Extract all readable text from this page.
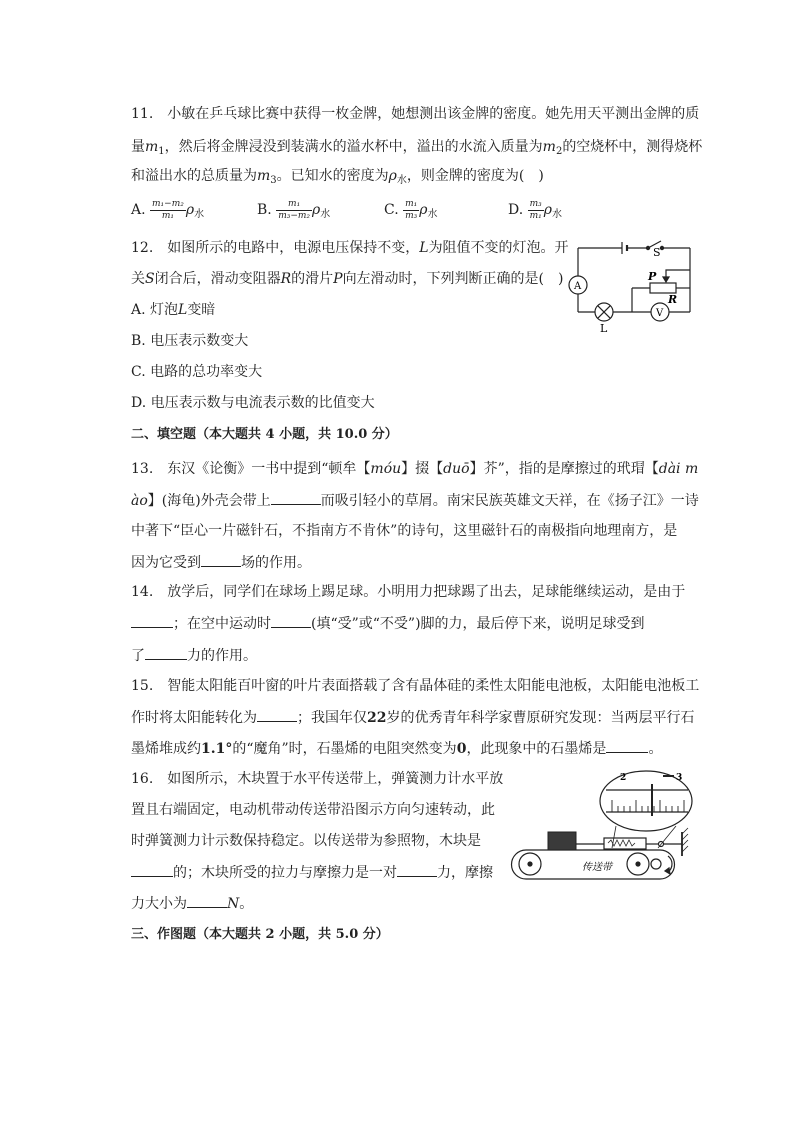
11.　小敏在乒乓球比赛中获得一枚金牌，她想测出该金牌的密度。她先用天平测出金牌的质
量$m_1$，然后将金牌浸没到装满水的溢水杯中，溢出的水流入质量为$m_2$的空烧杯中，测得烧杯
和溢出水的总质量为$m_3$。已知水的密度为$\rho_水$，则金牌的密度为(　)
A. $\frac{\text{m₁−m₂}}{\text{m₁}} \rho_水$	B. $\frac{\text{m₁}}{\text{m₃−m₂}} \rho_水$	C. $\frac{\text{m₁}}{\text{m₃}} \rho_水$	D. $\frac{\text{m₃}}{\text{m₁}} \rho_水$
12.　如图所示的电路中，电源电压保持不变，L为阻值不变的灯泡。开
关S闭合后，滑动变阻器R的滑片P向左滑动时，下列判断正确的是(　)
A. 灯泡L变暗
B. 电压表示数变大
C. 电路的总功率变大
D. 电压表示数与电流表示数的比值变大
S
P
R
A
V
L
二、填空题（本大题共 4 小题，共 10.0 分）
13.　东汉《论衡》一书中提到“顿牟【móu】掇【duō】芥”，指的是摩擦过的玳瑁【dài m
ào】(海龟)外壳会带上	而吸引轻小的草屑。南宋民族英雄文天祥，在《扬子江》一诗
中著下“臣心一片磁针石，不指南方不肯休”的诗句，这里磁针石的南极指向地理南方，是
因为它受到	场的作用。
14.　放学后，同学们在球场上踢足球。小明用力把球踢了出去，足球能继续运动，是由于
；在空中运动时	(填“受”或“不受”)脚的力，最后停下来，说明足球受到
了	力的作用。
15.　智能太阳能百叶窗的叶片表面搭载了含有晶体硅的柔性太阳能电池板，太阳能电池板工
作时将太阳能转化为	；我国年仅22岁的优秀青年科学家曹原研究发现：当两层平行石
墨烯堆成约1.1°的“魔角”时，石墨烯的电阻突然变为0，此现象中的石墨烯是	。
16.　如图所示，木块置于水平传送带上，弹簧测力计水平放
置且右端固定，电动机带动传送带沿图示方向匀速转动，此
时弹簧测力计示数保持稳定。以传送带为参照物，木块是
的；木块所受的拉力与摩擦力是一对	力，摩擦
力大小为	N。
传送带
2	3
三、作图题（本大题共 2 小题，共 5.0 分）
